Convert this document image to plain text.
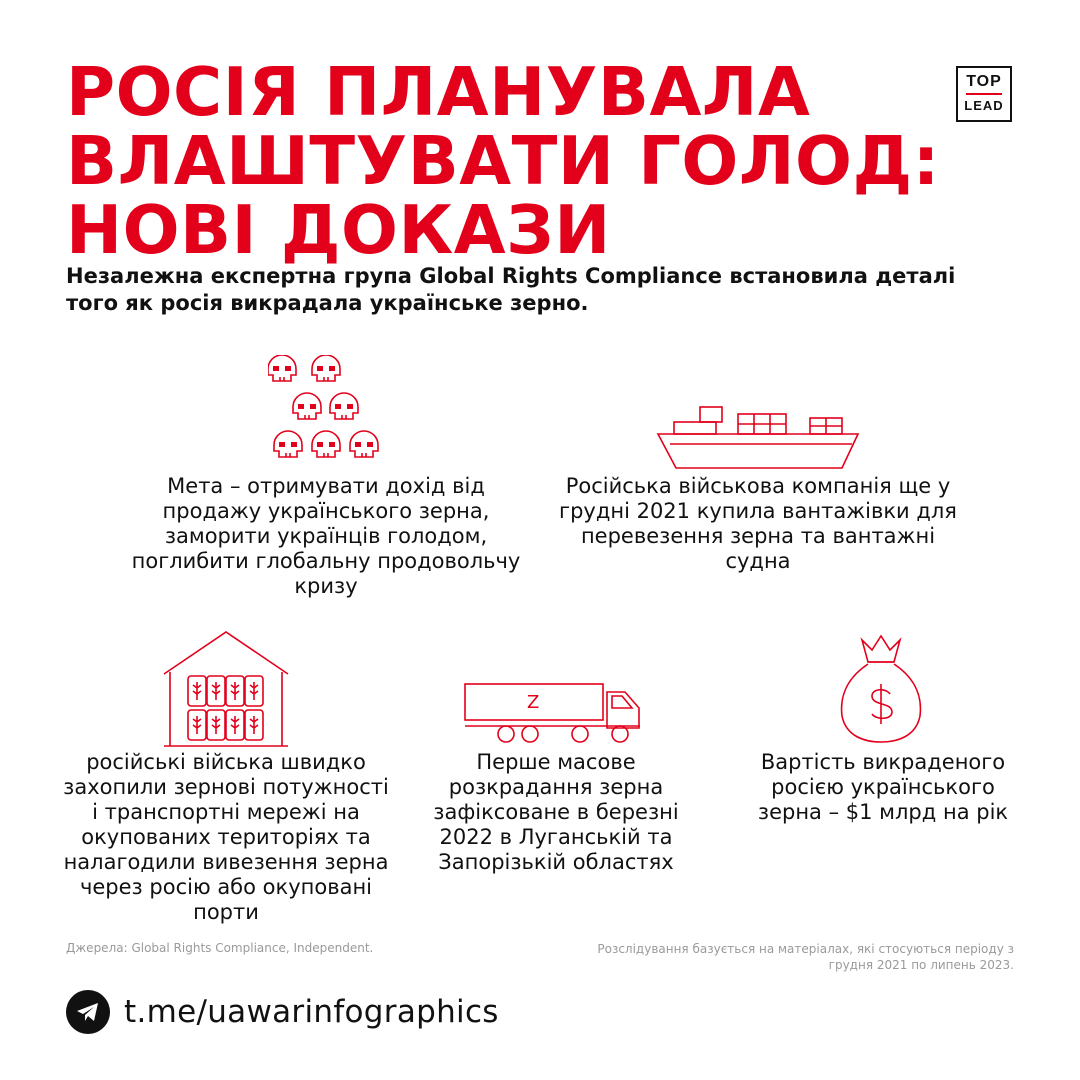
РОСІЯ ПЛАНУВАЛА
ВЛАШТУВАТИ ГОЛОД:
НОВІ ДОКАЗИ
TOP
LEAD
Незалежна експертна група Global Rights Compliance встановила деталі того як росія викрадала українське зерно.
Мета – отримувати дохід від продажу українського зерна, заморити українців голодом, поглибити глобальну продовольчу кризу
Російська військова компанія ще у грудні 2021 купила вантажівки для перевезення зерна та вантажні судна
російські війська швидко захопили зернові потужності і транспортні мережі на окупованих територіях та налагодили вивезення зерна через росію або окуповані порти
Z
Перше масове розкрадання зерна зафіксоване в березні 2022 в Луганській та Запорізькій областях
Вартість викраденого росією українського зерна – $1 млрд на рік
Джерела: Global Rights Compliance, Independent.	Розслідування базується на матеріалах, які стосуються періоду з грудня 2021 по липень 2023.
t.me/uawarinfographics
